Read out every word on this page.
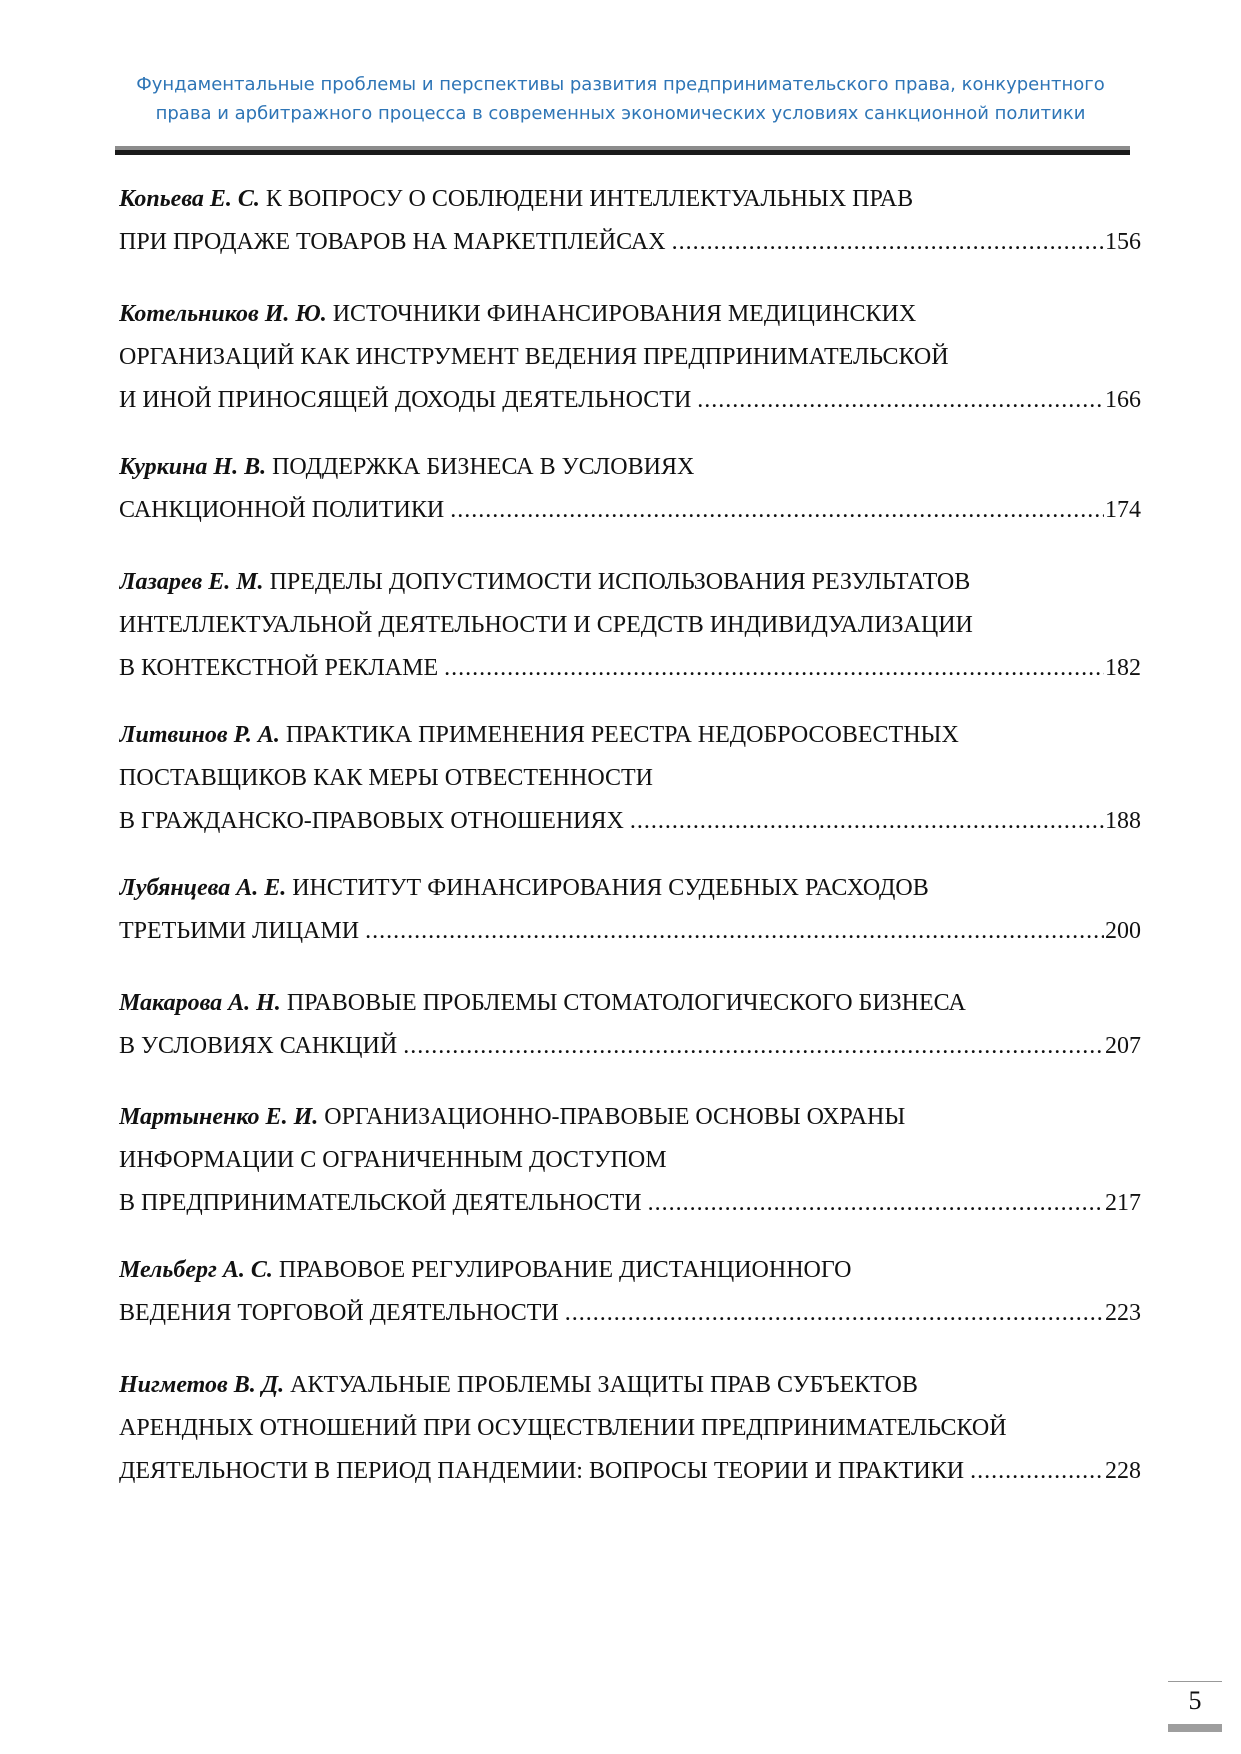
Фундаментальные проблемы и перспективы развития предпринимательского права, конкурентного
права и арбитражного процесса в современных экономических условиях санкционной политики
Копьева Е. С. К ВОПРОСУ О СОБЛЮДЕНИ ИНТЕЛЛЕКТУАЛЬНЫХ ПРАВ
ПРИ ПРОДАЖЕ ТОВАРОВ НА МАРКЕТПЛЕЙСАХ .....	156
Котельников И. Ю. ИСТОЧНИКИ ФИНАНСИРОВАНИЯ МЕДИЦИНСКИХ
ОРГАНИЗАЦИЙ КАК ИНСТРУМЕНТ ВЕДЕНИЯ ПРЕДПРИНИМАТЕЛЬСКОЙ
И ИНОЙ ПРИНОСЯЩЕЙ ДОХОДЫ ДЕЯТЕЛЬНОСТИ .....	166
Куркина Н. В. ПОДДЕРЖКА БИЗНЕСА В УСЛОВИЯХ
САНКЦИОННОЙ ПОЛИТИКИ .....	174
Лазарев Е. М. ПРЕДЕЛЫ ДОПУСТИМОСТИ ИСПОЛЬЗОВАНИЯ РЕЗУЛЬТАТОВ
ИНТЕЛЛЕКТУАЛЬНОЙ ДЕЯТЕЛЬНОСТИ И СРЕДСТВ ИНДИВИДУАЛИЗАЦИИ
В КОНТЕКСТНОЙ РЕКЛАМЕ .....	182
Литвинов Р. А. ПРАКТИКА ПРИМЕНЕНИЯ РЕЕСТРА НЕДОБРОСОВЕСТНЫХ
ПОСТАВЩИКОВ КАК МЕРЫ ОТВЕСТЕННОСТИ
В ГРАЖДАНСКО-ПРАВОВЫХ ОТНОШЕНИЯХ .....	188
Лубянцева А. Е. ИНСТИТУТ ФИНАНСИРОВАНИЯ СУДЕБНЫХ РАСХОДОВ
ТРЕТЬИМИ ЛИЦАМИ .....	200
Макарова А. Н. ПРАВОВЫЕ ПРОБЛЕМЫ СТОМАТОЛОГИЧЕСКОГО БИЗНЕСА
В УСЛОВИЯХ САНКЦИЙ .....	207
Мартыненко Е. И. ОРГАНИЗАЦИОННО-ПРАВОВЫЕ ОСНОВЫ ОХРАНЫ
ИНФОРМАЦИИ С ОГРАНИЧЕННЫМ ДОСТУПОМ
В ПРЕДПРИНИМАТЕЛЬСКОЙ ДЕЯТЕЛЬНОСТИ .....	217
Мельберг А. С. ПРАВОВОЕ РЕГУЛИРОВАНИЕ ДИСТАНЦИОННОГО
ВЕДЕНИЯ ТОРГОВОЙ ДЕЯТЕЛЬНОСТИ .....	223
Нигметов В. Д. АКТУАЛЬНЫЕ ПРОБЛЕМЫ ЗАЩИТЫ ПРАВ СУБЪЕКТОВ
АРЕНДНЫХ ОТНОШЕНИЙ ПРИ ОСУЩЕСТВЛЕНИИ ПРЕДПРИНИМАТЕЛЬСКОЙ
ДЕЯТЕЛЬНОСТИ В ПЕРИОД ПАНДЕМИИ: ВОПРОСЫ ТЕОРИИ И ПРАКТИКИ .....	228
5
